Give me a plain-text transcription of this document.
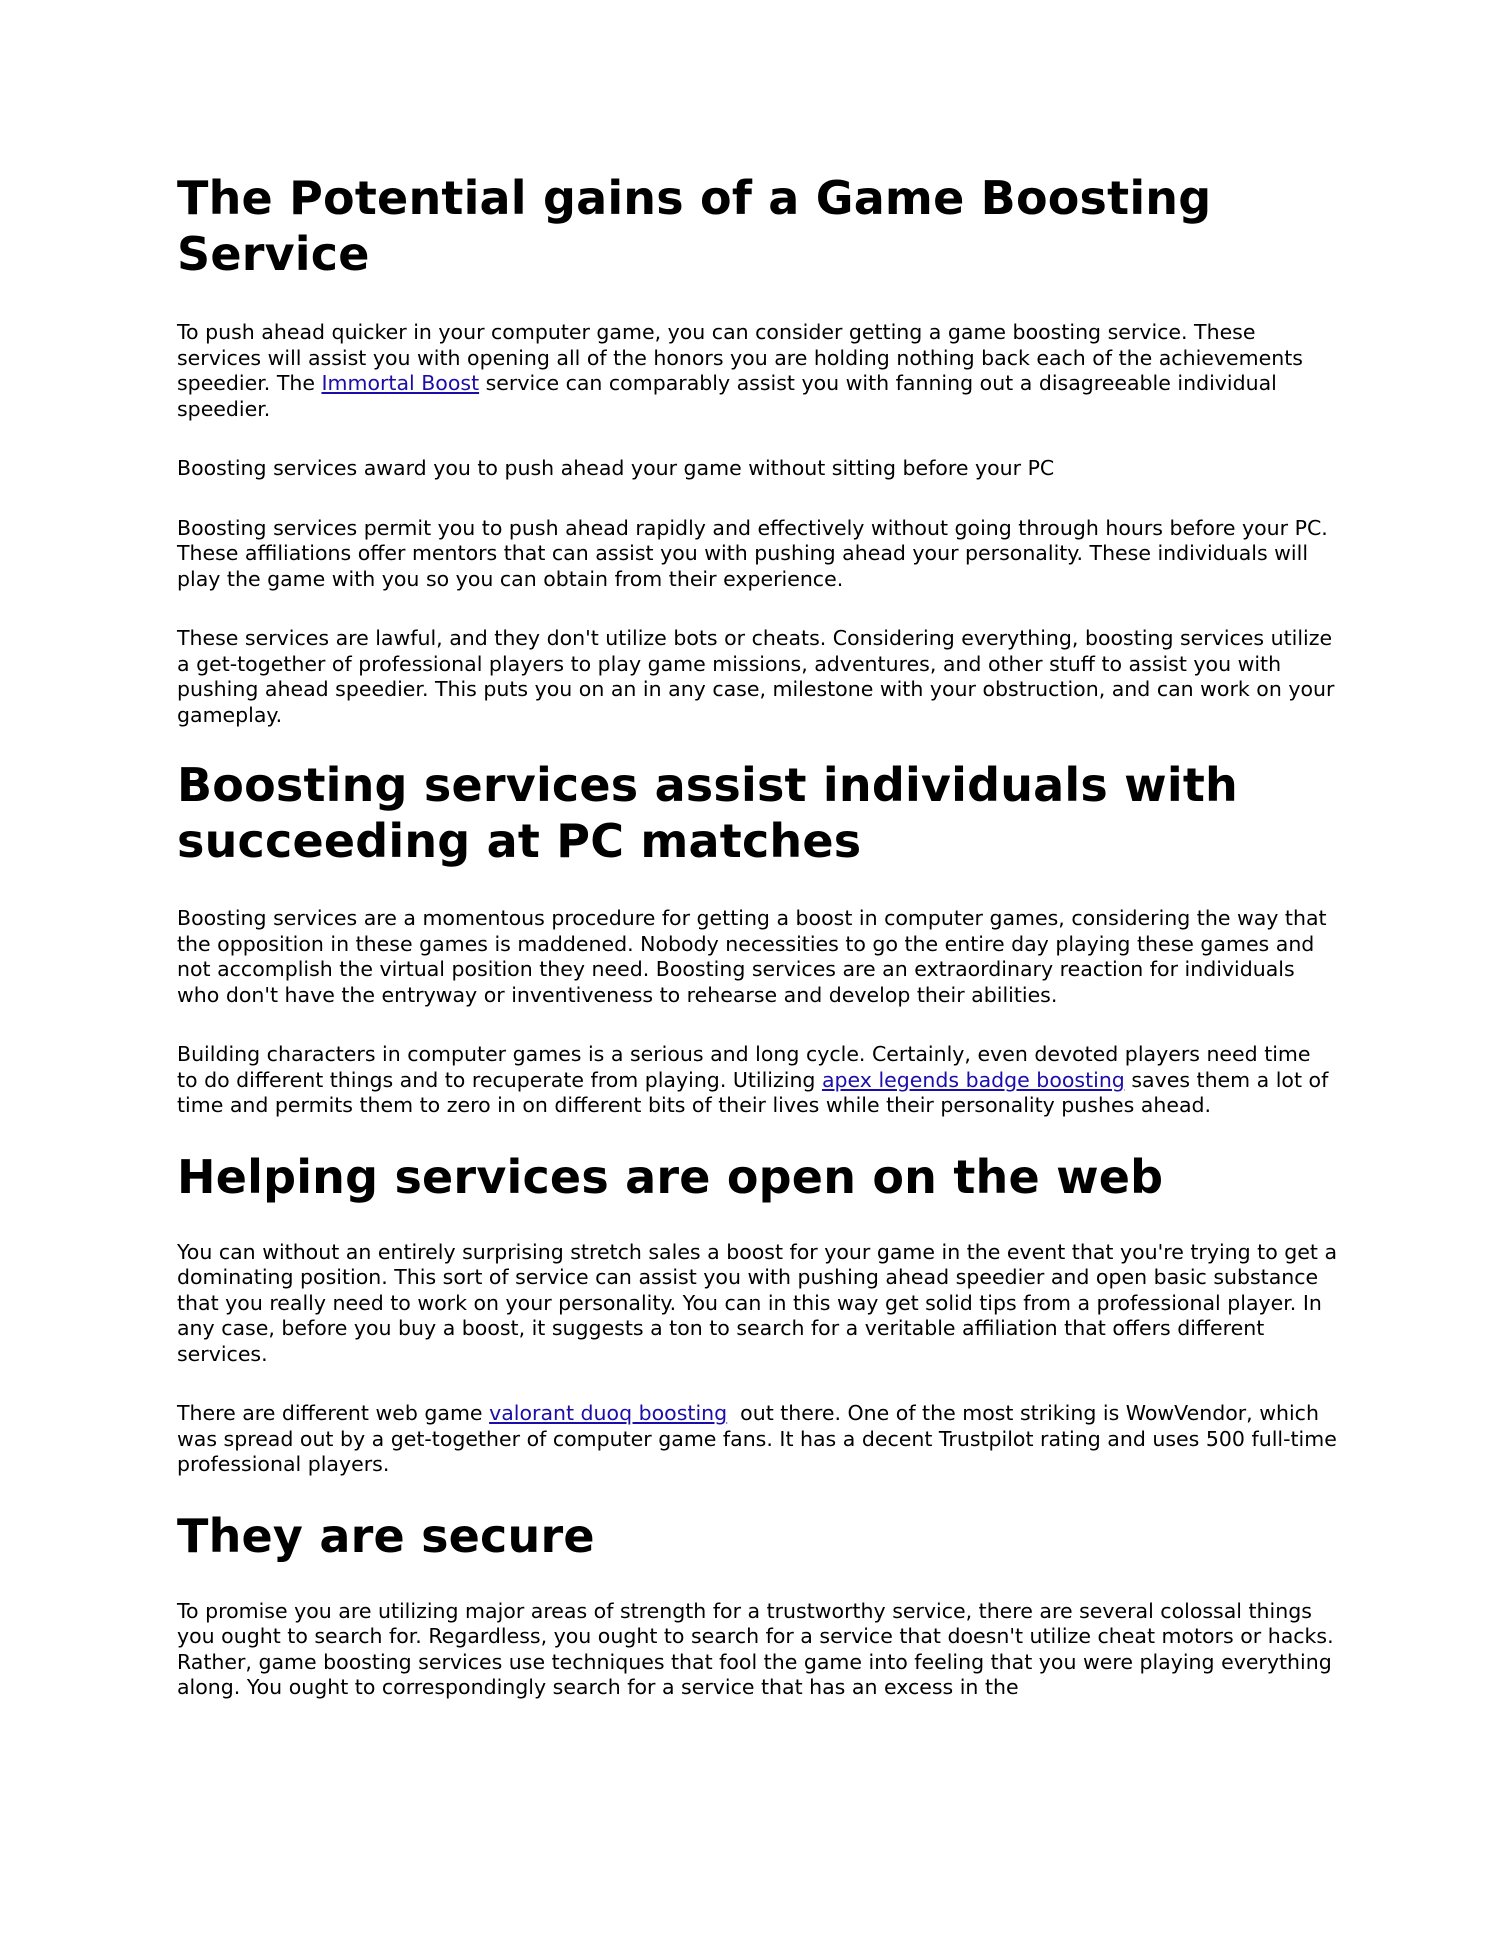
The Potential gains of a Game Boosting Service

To push ahead quicker in your computer game, you can consider getting a game boosting service. These services will assist you with opening all of the honors you are holding nothing back each of the achievements speedier. The Immortal Boost service can comparably assist you with fanning out a disagreeable individual speedier.

Boosting services award you to push ahead your game without sitting before your PC

Boosting services permit you to push ahead rapidly and effectively without going through hours before your PC. These affiliations offer mentors that can assist you with pushing ahead your personality. These individuals will play the game with you so you can obtain from their experience.

These services are lawful, and they don't utilize bots or cheats. Considering everything, boosting services utilize a get-together of professional players to play game missions, adventures, and other stuff to assist you with pushing ahead speedier. This puts you on an in any case, milestone with your obstruction, and can work on your gameplay.

Boosting services assist individuals with succeeding at PC matches

Boosting services are a momentous procedure for getting a boost in computer games, considering the way that the opposition in these games is maddened. Nobody necessities to go the entire day playing these games and not accomplish the virtual position they need. Boosting services are an extraordinary reaction for individuals who don't have the entryway or inventiveness to rehearse and develop their abilities.

Building characters in computer games is a serious and long cycle. Certainly, even devoted players need time to do different things and to recuperate from playing. Utilizing apex legends badge boosting saves them a lot of time and permits them to zero in on different bits of their lives while their personality pushes ahead.

Helping services are open on the web

You can without an entirely surprising stretch sales a boost for your game in the event that you're trying to get a dominating position. This sort of service can assist you with pushing ahead speedier and open basic substance that you really need to work on your personality. You can in this way get solid tips from a professional player. In any case, before you buy a boost, it suggests a ton to search for a veritable affiliation that offers different services.

There are different web game valorant duoq boosting  out there. One of the most striking is WowVendor, which was spread out by a get-together of computer game fans. It has a decent Trustpilot rating and uses 500 full-time professional players.

They are secure

To promise you are utilizing major areas of strength for a trustworthy service, there are several colossal things you ought to search for. Regardless, you ought to search for a service that doesn't utilize cheat motors or hacks. Rather, game boosting services use techniques that fool the game into feeling that you were playing everything along. You ought to correspondingly search for a service that has an excess in the
